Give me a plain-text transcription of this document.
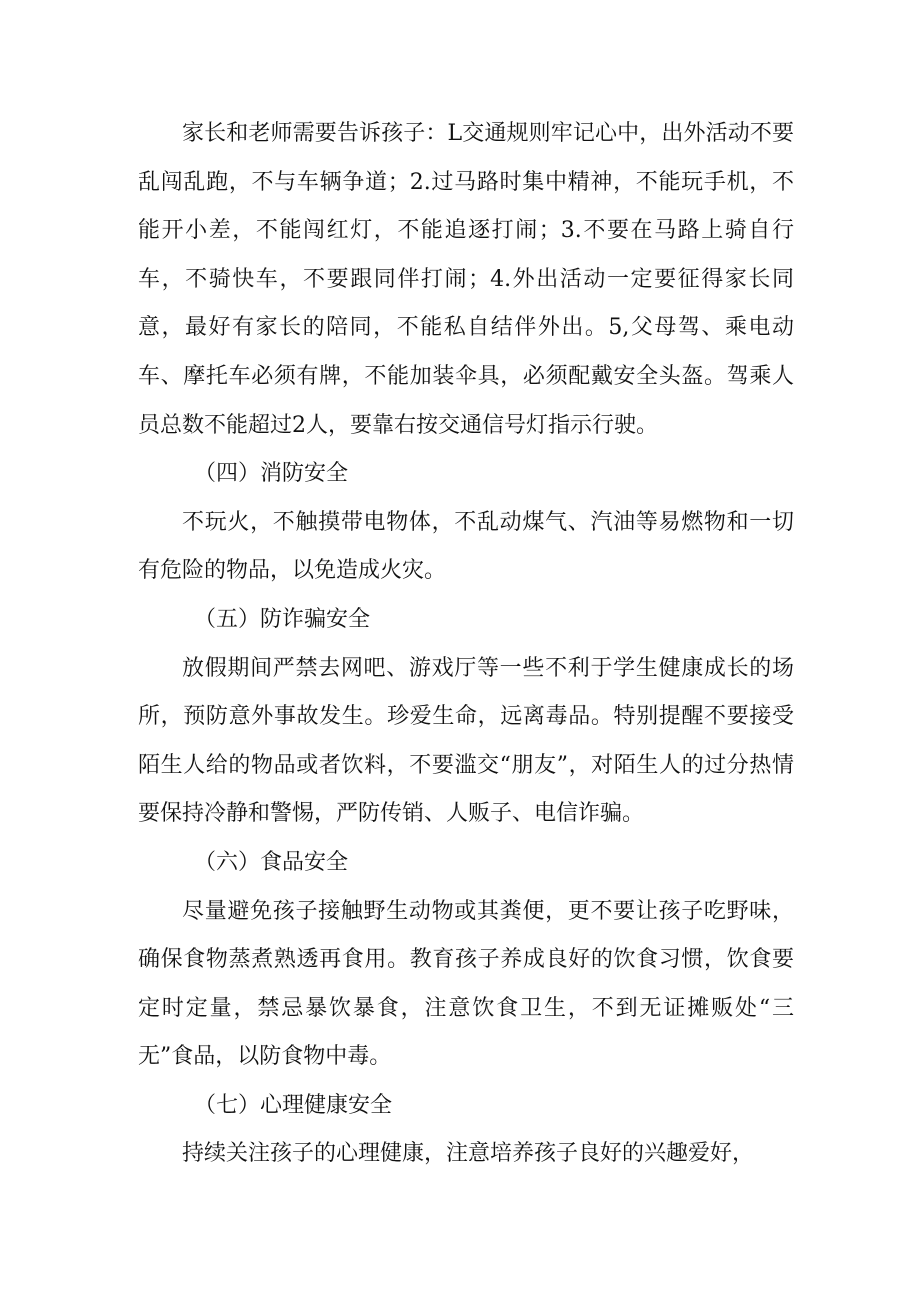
家长和老师需要告诉孩子：L交通规则牢记心中，出外活动不要乱闯乱跑，不与车辆争道；2.过马路时集中精神，不能玩手机，不能开小差，不能闯红灯，不能追逐打闹；3.不要在马路上骑自行车，不骑快车，不要跟同伴打闹；4.外出活动一定要征得家长同意，最好有家长的陪同，不能私自结伴外出。5,父母驾、乘电动车、摩托车必须有牌，不能加装伞具，必须配戴安全头盔。驾乘人员总数不能超过2人，要靠右按交通信号灯指示行驶。

（四）消防安全

不玩火，不触摸带电物体，不乱动煤气、汽油等易燃物和一切有危险的物品，以免造成火灾。

（五）防诈骗安全

放假期间严禁去网吧、游戏厅等一些不利于学生健康成长的场所，预防意外事故发生。珍爱生命，远离毒品。特别提醒不要接受陌生人给的物品或者饮料，不要滥交“朋友”，对陌生人的过分热情要保持冷静和警惕，严防传销、人贩子、电信诈骗。

（六）食品安全

尽量避免孩子接触野生动物或其粪便，更不要让孩子吃野味，确保食物蒸煮熟透再食用。教育孩子养成良好的饮食习惯，饮食要定时定量，禁忌暴饮暴食，注意饮食卫生，不到无证摊贩处“三无”食品，以防食物中毒。

（七）心理健康安全

持续关注孩子的心理健康，注意培养孩子良好的兴趣爱好，
